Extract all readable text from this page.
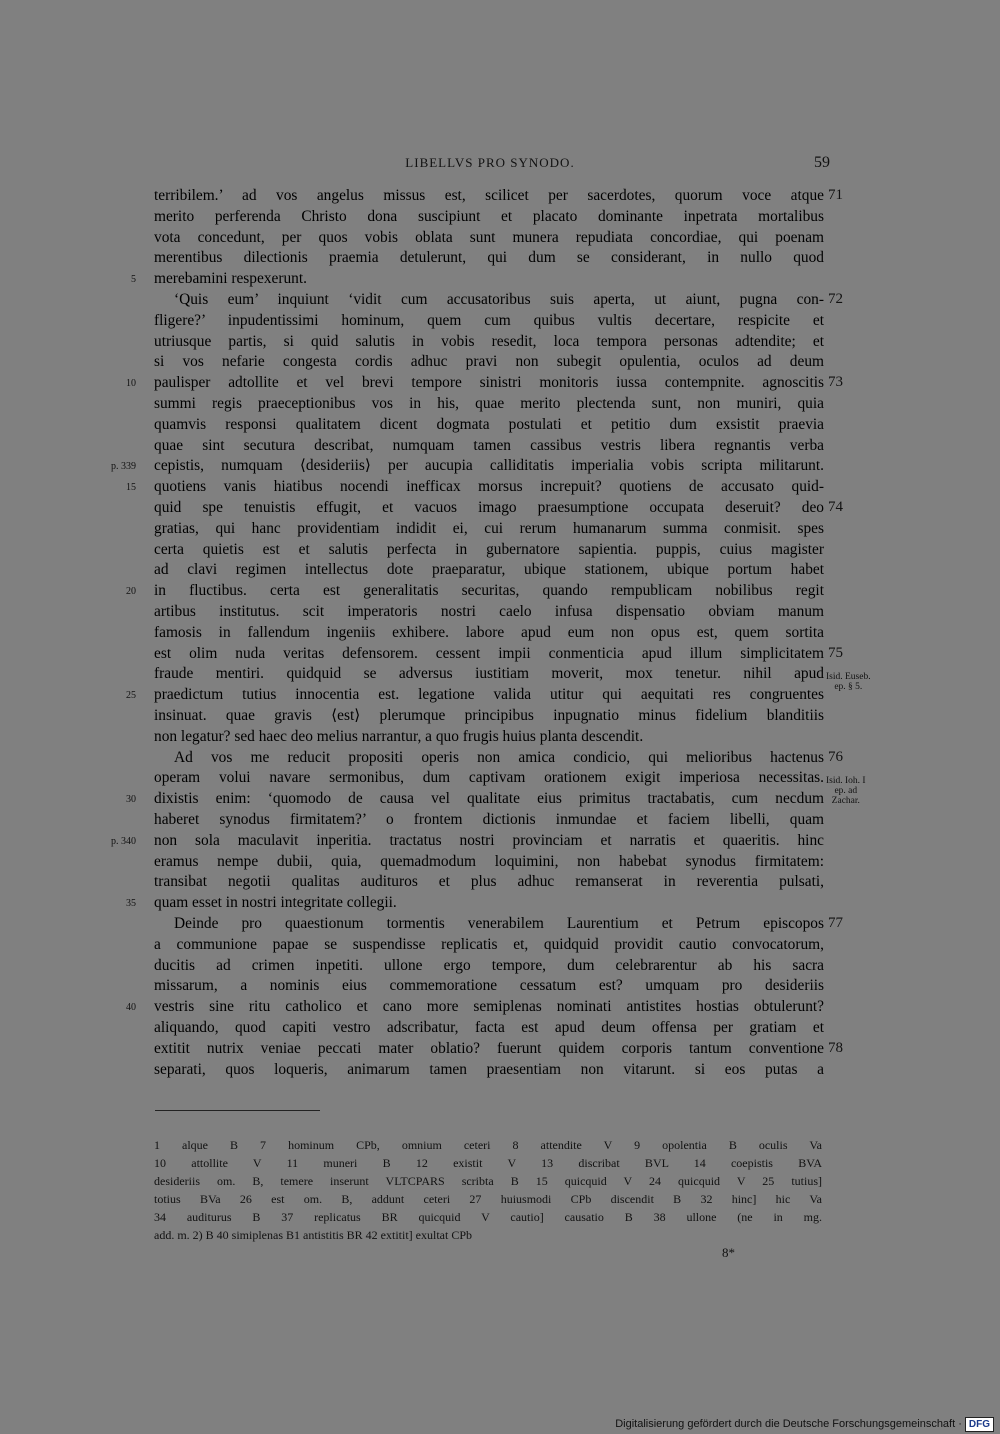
LIBELLVS PRO SYNODO.	59
terribilem.’ ad vos angelus missus est, scilicet per sacerdotes, quorum voce atque 71
merito perferenda Christo dona suscipiunt et placato dominante inpetrata mortalibus
vota concedunt, per quos vobis oblata sunt munera repudiata concordiae, qui poenam
merentibus dilectionis praemia detulerunt, qui dum se considerant, in nullo quod
merebamini respexerunt.
5
‘Quis eum’ inquiunt ‘vidit cum accusatoribus suis aperta, ut aiunt, pugna con- 72
fligere?’ inpudentissimi hominum, quem cum quibus vultis decertare, respicite et
utriusque partis, si quid salutis in vobis resedit, loca tempora personas adtendite; et
si vos nefarie congesta cordis adhuc pravi non subegit opulentia, oculos ad deum
paulisper adtollite et vel brevi tempore sinistri monitoris iussa contempnite. agnoscitis
10	73
summi regis praeceptionibus vos in his, quae merito plectenda sunt, non muniri, quia
quamvis responsi qualitatem dicent dogmata postulati et petitio dum exsistit praevia
quae sint secutura describat, numquam tamen cassibus vestris libera regnantis verba
cepistis, numquam ⟨desideriis⟩ per aucupia calliditatis imperialia vobis scripta militarunt.
p. 339
quotiens vanis hiatibus nocendi inefficax morsus increpuit? quotiens de accusato quid-
15
quid spe tenuistis effugit, et vacuos imago praesumptione occupata deseruit? deo 74
gratias, qui hanc providentiam indidit ei, cui rerum humanarum summa conmisit. spes
certa quietis est et salutis perfecta in gubernatore sapientia. puppis, cuius magister
ad clavi regimen intellectus dote praeparatur, ubique stationem, ubique portum habet
in fluctibus. certa est generalitatis securitas, quando rempublicam nobilibus regit
20
artibus institutus. scit imperatoris nostri caelo infusa dispensatio obviam manum
famosis in fallendum ingeniis exhibere. labore apud eum non opus est, quem sortita
est olim nuda veritas defensorem. cessent impii conmenticia apud illum simplicitatem 75
fraude mentiri. quidquid se adversus iustitiam moverit, mox tenetur. nihil apud
praedictum tutius innocentia est. legatione valida utitur qui aequitati res congruentes
25
insinuat. quae gravis ⟨est⟩ plerumque principibus inpugnatio minus fidelium blanditiis
non legatur? sed haec deo melius narrantur, a quo frugis huius planta descendit.
Ad vos me reducit propositi operis non amica condicio, qui melioribus hactenus 76
operam volui navare sermonibus, dum captivam orationem exigit imperiosa necessitas.
dixistis enim: ‘quomodo de causa vel qualitate eius primitus tractabatis, cum necdum
30
haberet synodus firmitatem?’ o frontem dictionis inmundae et faciem libelli, quam
non sola maculavit inperitia. tractatus nostri provinciam et narratis et quaeritis. hinc
p. 340
eramus nempe dubii, quia, quemadmodum loquimini, non habebat synodus firmitatem:
transibat negotii qualitas audituros et plus adhuc remanserat in reverentia pulsati,
quam esset in nostri integritate collegii.
35
Deinde pro quaestionum tormentis venerabilem Laurentium et Petrum episcopos 77
a communione papae se suspendisse replicatis et, quidquid providit cautio convocatorum,
ducitis ad crimen inpetiti. ullone ergo tempore, dum celebrarentur ab his sacra
missarum, a nominis eius commemoratione cessatum est? umquam pro desideriis
vestris sine ritu catholico et cano more semiplenas nominati antistites hostias obtulerunt?
40
aliquando, quod capiti vestro adscribatur, facta est apud deum offensa per gratiam et
extitit nutrix veniae peccati mater oblatio? fuerunt quidem corporis tantum conventione 78
separati, quos loqueris, animarum tamen praesentiam non vitarunt. si eos putas a
Isid. Euseb.
ep. § 5.
Isid. Ioh. I
ep. ad
Zachar.
1 alque B 7 hominum CPb, omnium ceteri 8 attendite V 9 opolentia B oculis Va
10 attollite V 11 muneri B 12 existit V 13 discribat BVL 14 coepistis BVA
desideriis om. B, temere inserunt VLTCPARS scribta B 15 quicquid V 24 quicquid V 25 tutius]
totius BVa 26 est om. B, addunt ceteri 27 huiusmodi CPb discendit B 32 hinc] hic Va
34 auditurus B 37 replicatus BR quicquid V cautio] causatio B 38 ullone (ne in mg.
add. m. 2) B 40 simiplenas B1 antistitis BR 42 extitit] exultat CPb
8*
Digitalisierung gefördert durch die Deutsche Forschungsgemeinschaft · DFG
